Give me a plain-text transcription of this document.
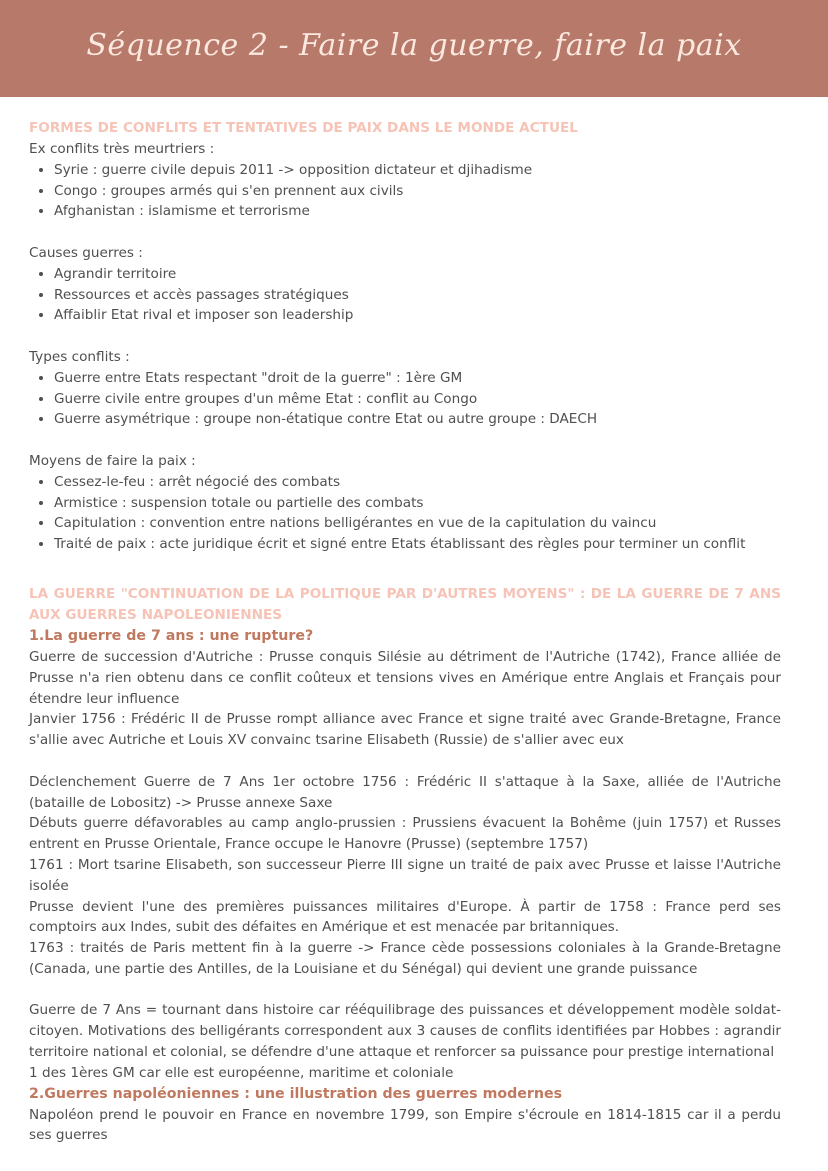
Séquence 2 - Faire la guerre, faire la paix
FORMES DE CONFLITS ET TENTATIVES DE PAIX DANS LE MONDE ACTUEL

Ex conflits très meurtriers :

• Syrie : guerre civile depuis 2011 -> opposition dictateur et djihadisme
• Congo : groupes armés qui s'en prennent aux civils
• Afghanistan : islamisme et terrorisme

Causes guerres :

• Agrandir territoire
• Ressources et accès passages stratégiques
• Affaiblir Etat rival et imposer son leadership

Types conflits :

• Guerre entre Etats respectant "droit de la guerre" : 1ère GM
• Guerre civile entre groupes d'un même Etat : conflit au Congo
• Guerre asymétrique : groupe non-étatique contre Etat ou autre groupe : DAECH

Moyens de faire la paix :

• Cessez-le-feu : arrêt négocié des combats
• Armistice : suspension totale ou partielle des combats
• Capitulation : convention entre nations belligérantes en vue de la capitulation du vaincu
• Traité de paix : acte juridique écrit et signé entre Etats établissant des règles pour terminer un conflit
LA GUERRE "CONTINUATION DE LA POLITIQUE PAR D'AUTRES MOYENS" : DE LA GUERRE DE 7 ANS AUX GUERRES NAPOLEONIENNES
1.La guerre de 7 ans : une rupture?

Guerre de succession d'Autriche : Prusse conquis Silésie au détriment de l'Autriche (1742), France alliée de Prusse n'a rien obtenu dans ce conflit coûteux et tensions vives en Amérique entre Anglais et Français pour étendre leur influence

Janvier 1756 : Frédéric II de Prusse rompt alliance avec France et signe traité avec Grande-Bretagne, France s'allie avec Autriche et Louis XV convainc tsarine Elisabeth (Russie) de s'allier avec eux

Déclenchement Guerre de 7 Ans 1er octobre 1756 : Frédéric II s'attaque à la Saxe, alliée de l'Autriche (bataille de Lobositz) -> Prusse annexe Saxe

Débuts guerre défavorables au camp anglo-prussien : Prussiens évacuent la Bohême (juin 1757) et Russes entrent en Prusse Orientale, France occupe le Hanovre (Prusse) (septembre 1757)

1761 : Mort tsarine Elisabeth, son successeur Pierre III signe un traité de paix avec Prusse et laisse l'Autriche isolée

Prusse devient l'une des premières puissances militaires d'Europe. À partir de 1758 : France perd ses comptoirs aux Indes, subit des défaites en Amérique et est menacée par britanniques.

1763 : traités de Paris mettent fin à la guerre -> France cède possessions coloniales à la Grande-Bretagne (Canada, une partie des Antilles, de la Louisiane et du Sénégal) qui devient une grande puissance

Guerre de 7 Ans = tournant dans histoire car rééquilibrage des puissances et développement modèle soldat-citoyen. Motivations des belligérants correspondent aux 3 causes de conflits identifiées par Hobbes : agrandir territoire national et colonial, se défendre d'une attaque et renforcer sa puissance pour prestige international

1 des 1ères GM car elle est européenne, maritime et coloniale

2.Guerres napoléoniennes : une illustration des guerres modernes

Napoléon prend le pouvoir en France en novembre 1799, son Empire s'écroule en 1814-1815 car il a perdu ses guerres
